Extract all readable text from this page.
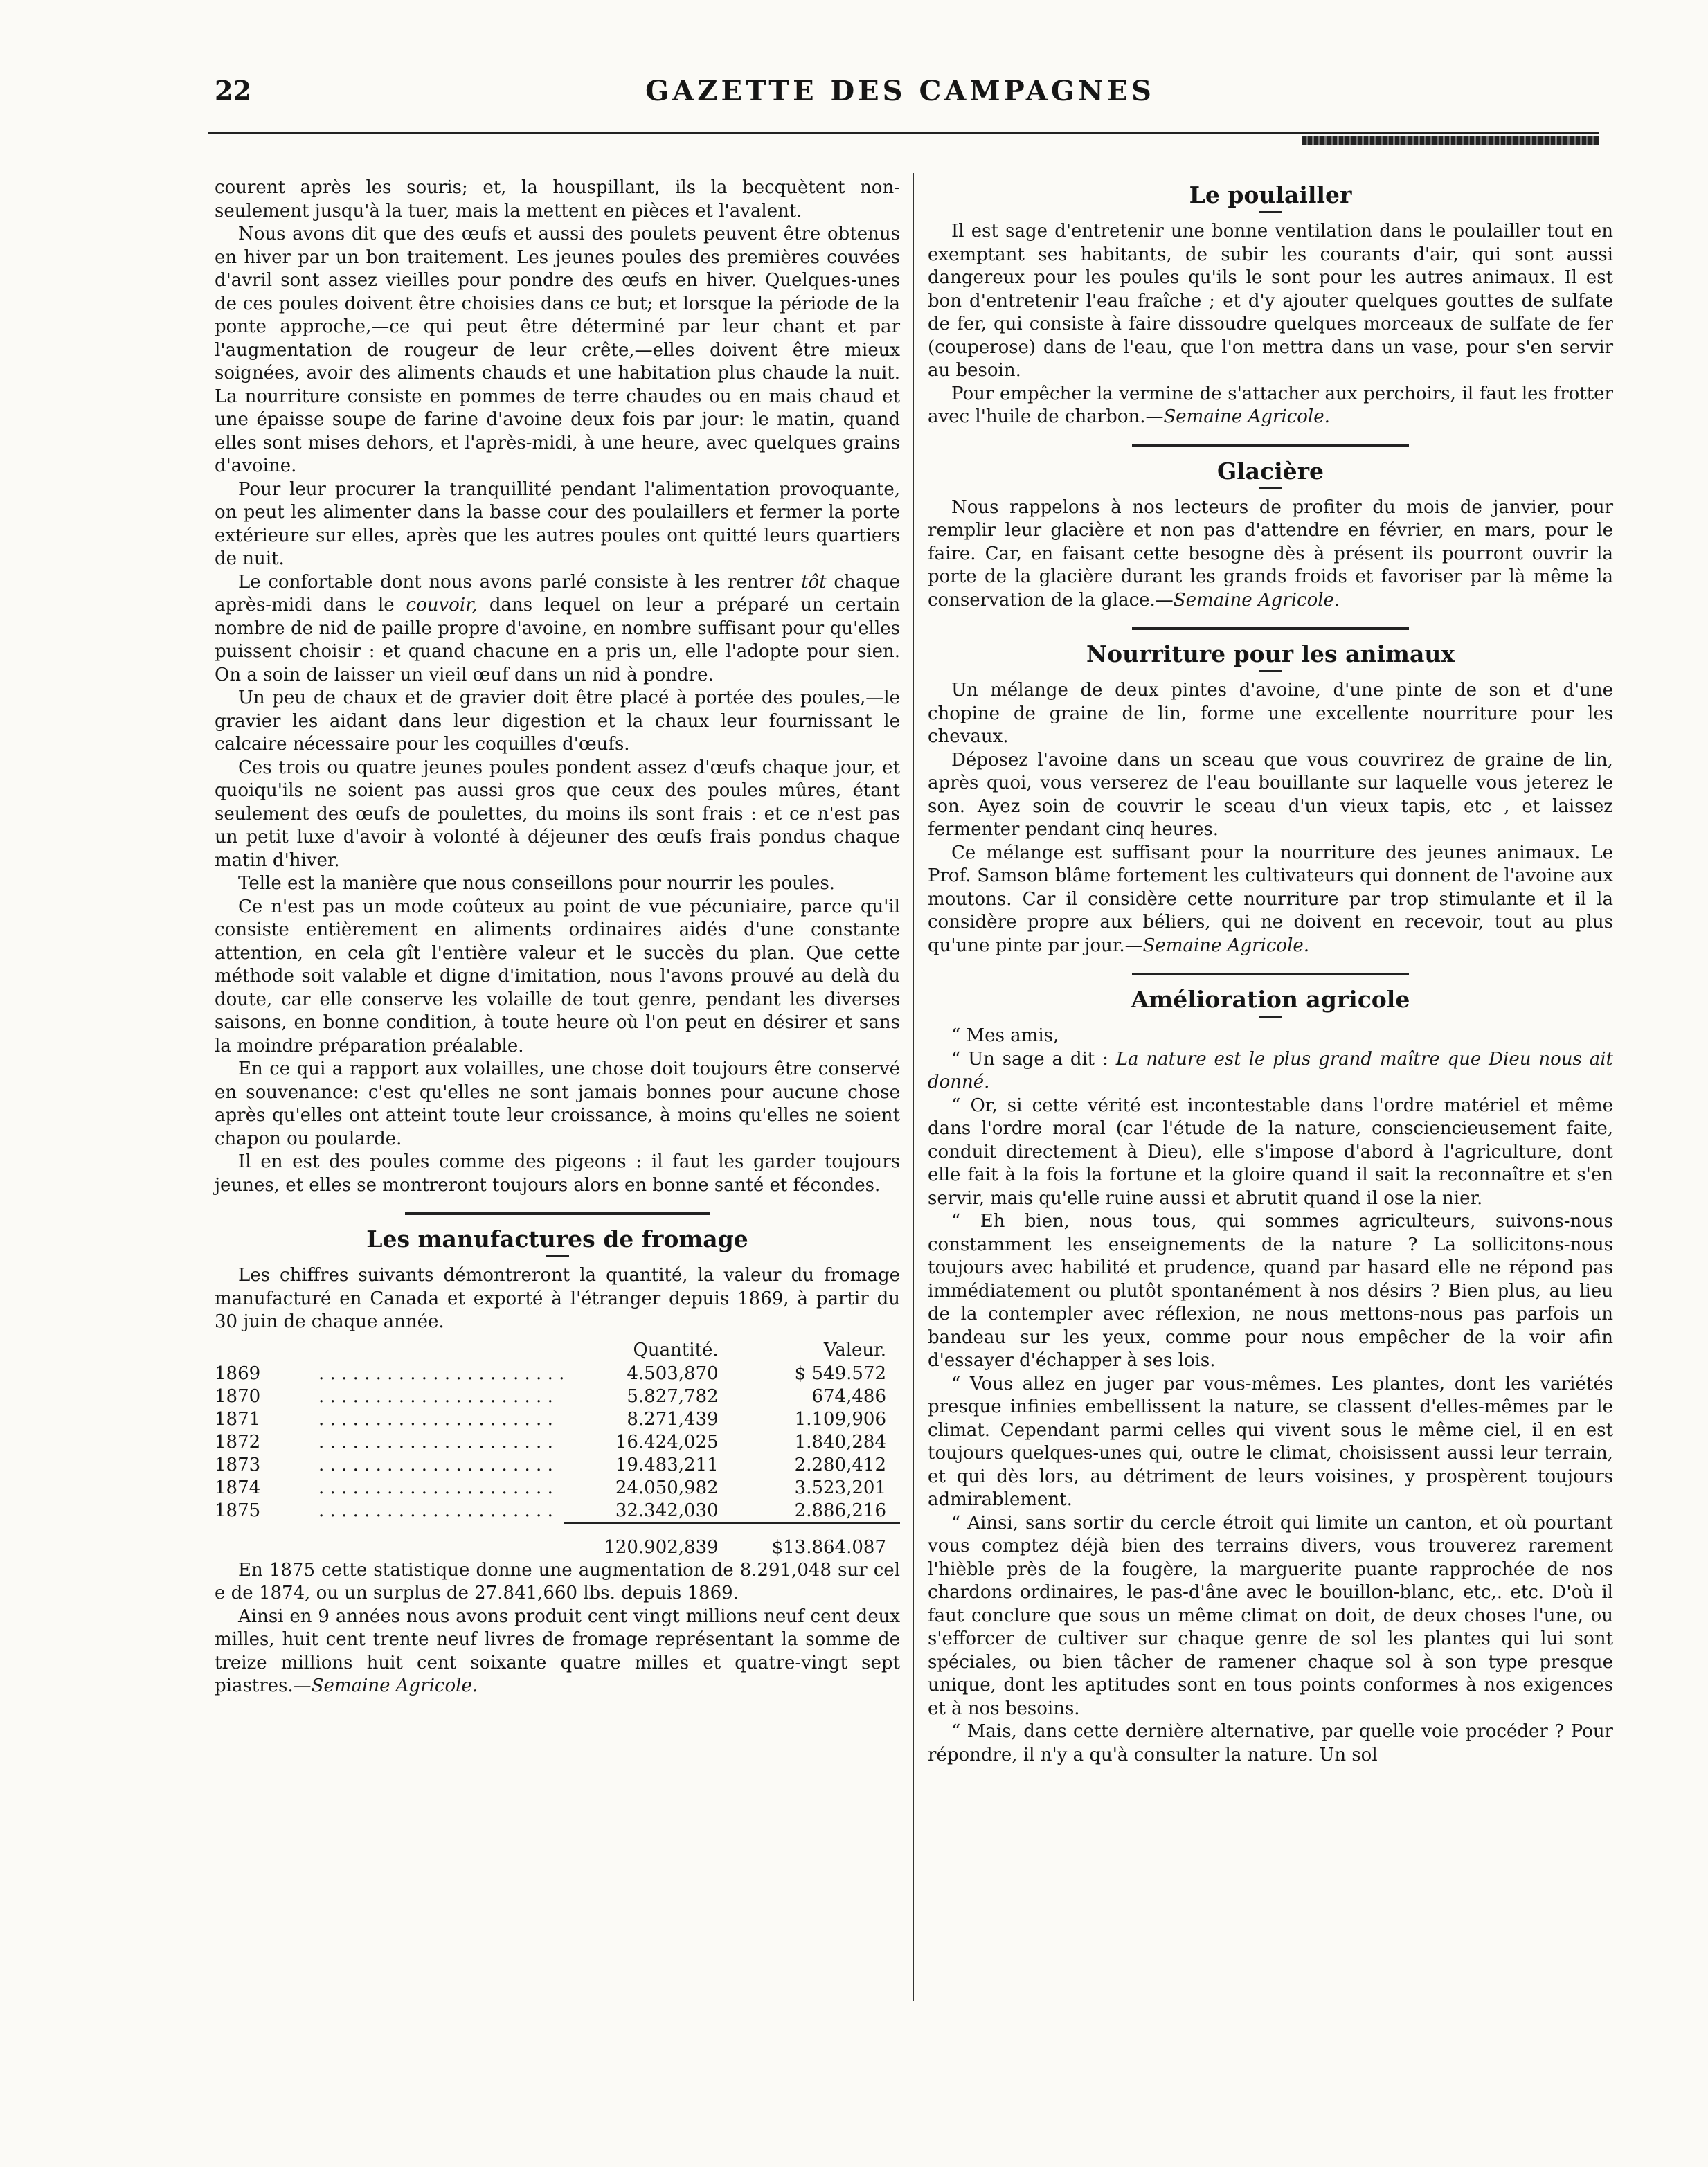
22	GAZETTE DES CAMPAGNES

courent après les souris; et, la houspillant, ils la becquètent non-seulement jusqu'à la tuer, mais la mettent en pièces et l'avalent.

Nous avons dit que des œufs et aussi des poulets peuvent être obtenus en hiver par un bon traitement. Les jeunes poules des premières couvées d'avril sont assez vieilles pour pondre des œufs en hiver. Quelques-unes de ces poules doivent être choisies dans ce but; et lorsque la période de la ponte approche,—ce qui peut être déterminé par leur chant et par l'augmentation de rougeur de leur crête,—elles doivent être mieux soignées, avoir des aliments chauds et une habitation plus chaude la nuit. La nourriture consiste en pommes de terre chaudes ou en mais chaud et une épaisse soupe de farine d'avoine deux fois par jour: le matin, quand elles sont mises dehors, et l'après-midi, à une heure, avec quelques grains d'avoine.

Pour leur procurer la tranquillité pendant l'alimentation provoquante, on peut les alimenter dans la basse cour des poulaillers et fermer la porte extérieure sur elles, après que les autres poules ont quitté leurs quartiers de nuit.

Le confortable dont nous avons parlé consiste à les rentrer tôt chaque après-midi dans le couvoir, dans lequel on leur a préparé un certain nombre de nid de paille propre d'avoine, en nombre suffisant pour qu'elles puissent choisir : et quand chacune en a pris un, elle l'adopte pour sien. On a soin de laisser un vieil œuf dans un nid à pondre.

Un peu de chaux et de gravier doit être placé à portée des poules,—le gravier les aidant dans leur digestion et la chaux leur fournissant le calcaire nécessaire pour les coquilles d'œufs.

Ces trois ou quatre jeunes poules pondent assez d'œufs chaque jour, et quoiqu'ils ne soient pas aussi gros que ceux des poules mûres, étant seulement des œufs de poulettes, du moins ils sont frais : et ce n'est pas un petit luxe d'avoir à volonté à déjeuner des œufs frais pondus chaque matin d'hiver.

Telle est la manière que nous conseillons pour nourrir les poules.

Ce n'est pas un mode coûteux au point de vue pécuniaire, parce qu'il consiste entièrement en aliments ordinaires aidés d'une constante attention, en cela gît l'entière valeur et le succès du plan. Que cette méthode soit valable et digne d'imitation, nous l'avons prouvé au delà du doute, car elle conserve les volaille de tout genre, pendant les diverses saisons, en bonne condition, à toute heure où l'on peut en désirer et sans la moindre préparation préalable.

En ce qui a rapport aux volailles, une chose doit toujours être conservé en souvenance: c'est qu'elles ne sont jamais bonnes pour aucune chose après qu'elles ont atteint toute leur croissance, à moins qu'elles ne soient chapon ou poularde.

Il en est des poules comme des pigeons : il faut les garder toujours jeunes, et elles se montreront toujours alors en bonne santé et fécondes.

Les manufactures de fromage

Les chiffres suivants démontreront la quantité, la valeur du fromage manufacturé en Canada et exporté à l'étranger depuis 1869, à partir du 30 juin de chaque année.

		Quantité.	Valeur.
1869	. . . . . . . . . . . . . . . . . . . . . .	4.503,870	$ 549.572
1870	. . . . . . . . . . . . . . . . . . . . .	5.827,782	674,486
1871	. . . . . . . . . . . . . . . . . . . . .	8.271,439	1.109,906
1872	. . . . . . . . . . . . . . . . . . . . .	16.424,025	1.840,284
1873	. . . . . . . . . . . . . . . . . . . . .	19.483,211	2.280,412
1874	. . . . . . . . . . . . . . . . . . . . .	24.050,982	3.523,201
1875	. . . . . . . . . . . . . . . . . . . . .	32.342,030	2.886,216
		120.902,839	$13.864.087

En 1875 cette statistique donne une augmentation de 8.291,048 sur cel e de 1874, ou un surplus de 27.841,660 lbs. depuis 1869.

Ainsi en 9 années nous avons produit cent vingt millions neuf cent deux milles, huit cent trente neuf livres de fromage représentant la somme de treize millions huit cent soixante quatre milles et quatre-vingt sept piastres.—Semaine Agricole.

Le poulailler

Il est sage d'entretenir une bonne ventilation dans le poulailler tout en exemptant ses habitants, de subir les courants d'air, qui sont aussi dangereux pour les poules qu'ils le sont pour les autres animaux. Il est bon d'entretenir l'eau fraîche ; et d'y ajouter quelques gouttes de sulfate de fer, qui consiste à faire dissoudre quelques morceaux de sulfate de fer (couperose) dans de l'eau, que l'on mettra dans un vase, pour s'en servir au besoin.

Pour empêcher la vermine de s'attacher aux perchoirs, il faut les frotter avec l'huile de charbon.—Semaine Agricole.

Glacière

Nous rappelons à nos lecteurs de profiter du mois de janvier, pour remplir leur glacière et non pas d'attendre en février, en mars, pour le faire. Car, en faisant cette besogne dès à présent ils pourront ouvrir la porte de la glacière durant les grands froids et favoriser par là même la conservation de la glace.—Semaine Agricole.

Nourriture pour les animaux

Un mélange de deux pintes d'avoine, d'une pinte de son et d'une chopine de graine de lin, forme une excellente nourriture pour les chevaux.

Déposez l'avoine dans un sceau que vous couvrirez de graine de lin, après quoi, vous verserez de l'eau bouillante sur laquelle vous jeterez le son. Ayez soin de couvrir le sceau d'un vieux tapis, etc , et laissez fermenter pendant cinq heures.

Ce mélange est suffisant pour la nourriture des jeunes animaux. Le Prof. Samson blâme fortement les cultivateurs qui donnent de l'avoine aux moutons. Car il considère cette nourriture par trop stimulante et il la considère propre aux béliers, qui ne doivent en recevoir, tout au plus qu'une pinte par jour.—Semaine Agricole.

Amélioration agricole

“ Mes amis,

“ Un sage a dit : La nature est le plus grand maître que Dieu nous ait donné.

“ Or, si cette vérité est incontestable dans l'ordre matériel et même dans l'ordre moral (car l'étude de la nature, consciencieusement faite, conduit directement à Dieu), elle s'impose d'abord à l'agriculture, dont elle fait à la fois la fortune et la gloire quand il sait la reconnaître et s'en servir, mais qu'elle ruine aussi et abrutit quand il ose la nier.

“ Eh bien, nous tous, qui sommes agriculteurs, suivons-nous constamment les enseignements de la nature ? La sollicitons-nous toujours avec habilité et prudence, quand par hasard elle ne répond pas immédiatement ou plutôt spontanément à nos désirs ? Bien plus, au lieu de la contempler avec réflexion, ne nous mettons-nous pas parfois un bandeau sur les yeux, comme pour nous empêcher de la voir afin d'essayer d'échapper à ses lois.

“ Vous allez en juger par vous-mêmes. Les plantes, dont les variétés presque infinies embellissent la nature, se classent d'elles-mêmes par le climat. Cependant parmi celles qui vivent sous le même ciel, il en est toujours quelques-unes qui, outre le climat, choisissent aussi leur terrain, et qui dès lors, au détriment de leurs voisines, y prospèrent toujours admirablement.

“ Ainsi, sans sortir du cercle étroit qui limite un canton, et où pourtant vous comptez déjà bien des terrains divers, vous trouverez rarement l'hièble près de la fougère, la marguerite puante rapprochée de nos chardons ordinaires, le pas-d'âne avec le bouillon-blanc, etc,. etc. D'où il faut conclure que sous un même climat on doit, de deux choses l'une, ou s'efforcer de cultiver sur chaque genre de sol les plantes qui lui sont spéciales, ou bien tâcher de ramener chaque sol à son type presque unique, dont les aptitudes sont en tous points conformes à nos exigences et à nos besoins.

“ Mais, dans cette dernière alternative, par quelle voie procéder ? Pour répondre, il n'y a qu'à consulter la nature. Un sol
